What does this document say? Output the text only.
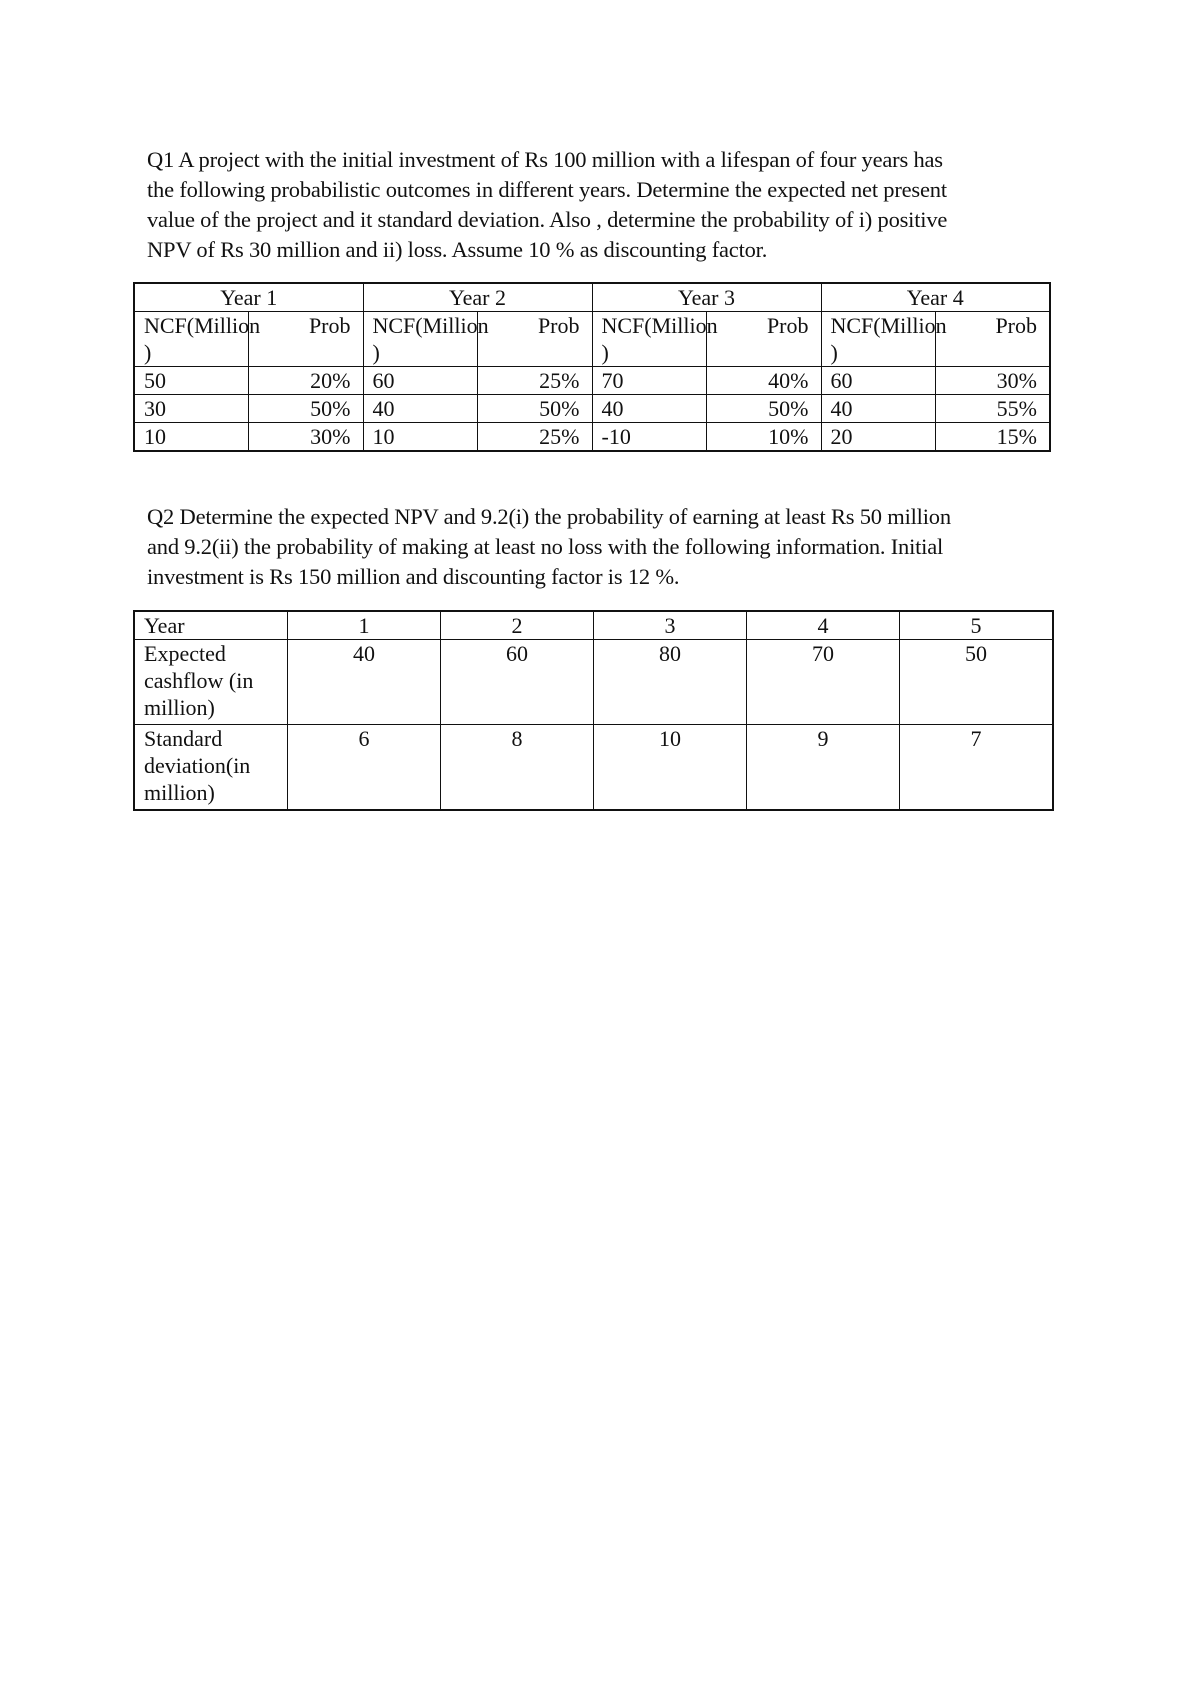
Q1 A project with the initial investment of Rs 100 million with a lifespan of four years has
the following probabilistic outcomes in different years. Determine the expected net present
value of the project and it standard deviation. Also , determine the probability of i) positive
NPV of Rs 30 million and ii) loss. Assume 10 % as discounting factor.
Year 1		Year 2		Year 3		Year 4	

NCF(Million
)	Prob	NCF(Million
)	Prob	NCF(Million
)	Prob	NCF(Million
)	Prob
50	20%	60	25%	70	40%	60	30%
30	50%	40	50%	40	50%	40	55%
10	30%	10	25%	-10	10%	20	15%
Q2 Determine the expected NPV and 9.2(i) the probability of earning at least Rs 50 million
and 9.2(ii) the probability of making at least no loss with the following information. Initial
investment is Rs 150 million and discounting factor is 12 %.
Year	1	2	3	4	5

Expected
cashflow (in
million)	40	60	80	70	50

Standard
deviation(in
million)	6	8	10	9	7
